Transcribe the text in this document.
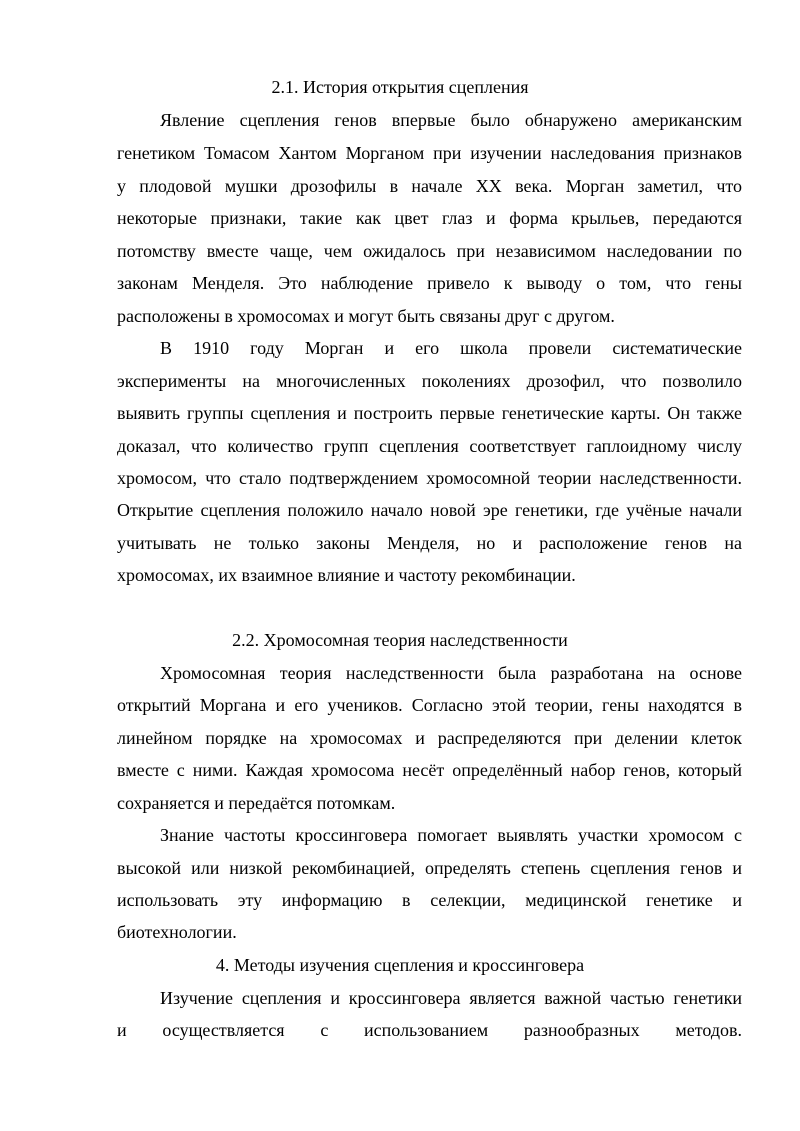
2.1. История открытия сцепления
Явление сцепления генов впервые было обнаружено американским
генетиком Томасом Хантом Морганом при изучении наследования признаков
у плодовой мушки дрозофилы в начале XX века. Морган заметил, что
некоторые признаки, такие как цвет глаз и форма крыльев, передаются
потомству вместе чаще, чем ожидалось при независимом наследовании по
законам Менделя. Это наблюдение привело к выводу о том, что гены
расположены в хромосомах и могут быть связаны друг с другом.
В 1910 году Морган и его школа провели систематические
эксперименты на многочисленных поколениях дрозофил, что позволило
выявить группы сцепления и построить первые генетические карты. Он также
доказал, что количество групп сцепления соответствует гаплоидному числу
хромосом, что стало подтверждением хромосомной теории наследственности.
Открытие сцепления положило начало новой эре генетики, где учёные начали
учитывать не только законы Менделя, но и расположение генов на
хромосомах, их взаимное влияние и частоту рекомбинации.
2.2. Хромосомная теория наследственности
Хромосомная теория наследственности была разработана на основе
открытий Моргана и его учеников. Согласно этой теории, гены находятся в
линейном порядке на хромосомах и распределяются при делении клеток
вместе с ними. Каждая хромосома несёт определённый набор генов, который
сохраняется и передаётся потомкам.
Знание частоты кроссинговера помогает выявлять участки хромосом с
высокой или низкой рекомбинацией, определять степень сцепления генов и
использовать эту информацию в селекции, медицинской генетике и
биотехнологии.
4. Методы изучения сцепления и кроссинговера
Изучение сцепления и кроссинговера является важной частью генетики
и осуществляется с использованием разнообразных методов.
